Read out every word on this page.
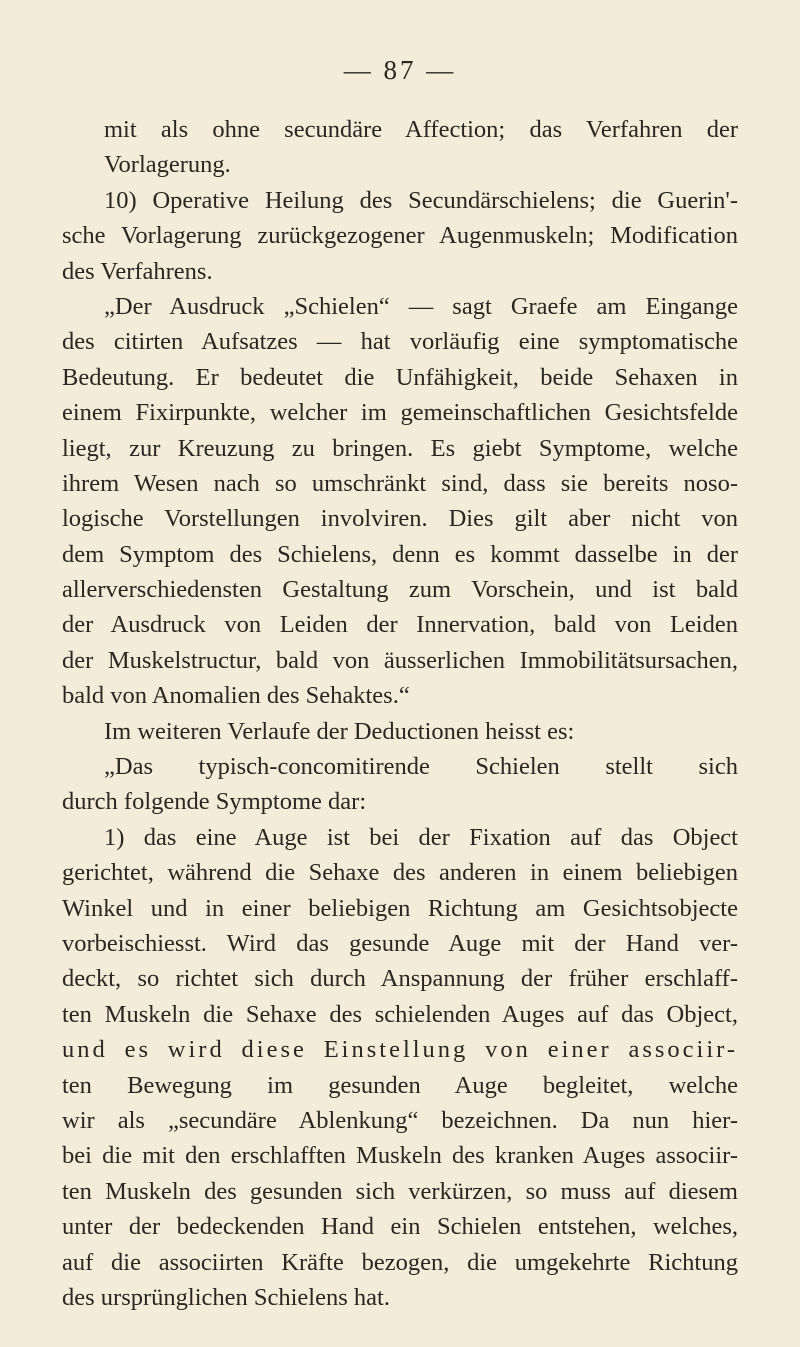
— 87 —
mit als ohne secundäre Affection; das Verfahren der
Vorlagerung.
10) Operative Heilung des Secundärschielens; die Guerin'-
sche Vorlagerung zurückgezogener Augenmuskeln; Modification
des Verfahrens.
„Der Ausdruck „Schielen“ — sagt Graefe am Eingange
des citirten Aufsatzes — hat vorläufig eine symptomatische
Bedeutung. Er bedeutet die Unfähigkeit, beide Sehaxen in
einem Fixirpunkte, welcher im gemeinschaftlichen Gesichtsfelde
liegt, zur Kreuzung zu bringen. Es giebt Symptome, welche
ihrem Wesen nach so umschränkt sind, dass sie bereits noso-
logische Vorstellungen involviren. Dies gilt aber nicht von
dem Symptom des Schielens, denn es kommt dasselbe in der
allerverschiedensten Gestaltung zum Vorschein, und ist bald
der Ausdruck von Leiden der Innervation, bald von Leiden
der Muskelstructur, bald von äusserlichen Immobilitätsursachen,
bald von Anomalien des Sehaktes.“
Im weiteren Verlaufe der Deductionen heisst es:
„Das typisch-concomitirende Schielen stellt sich
durch folgende Symptome dar:
1) das eine Auge ist bei der Fixation auf das Object
gerichtet, während die Sehaxe des anderen in einem beliebigen
Winkel und in einer beliebigen Richtung am Gesichtsobjecte
vorbeischiesst. Wird das gesunde Auge mit der Hand ver-
deckt, so richtet sich durch Anspannung der früher erschlaff-
ten Muskeln die Sehaxe des schielenden Auges auf das Object,
und es wird diese Einstellung von einer associir-
ten Bewegung im gesunden Auge begleitet, welche
wir als „secundäre Ablenkung“ bezeichnen. Da nun hier-
bei die mit den erschlafften Muskeln des kranken Auges associir-
ten Muskeln des gesunden sich verkürzen, so muss auf diesem
unter der bedeckenden Hand ein Schielen entstehen, welches,
auf die associirten Kräfte bezogen, die umgekehrte Richtung
des ursprünglichen Schielens hat.
